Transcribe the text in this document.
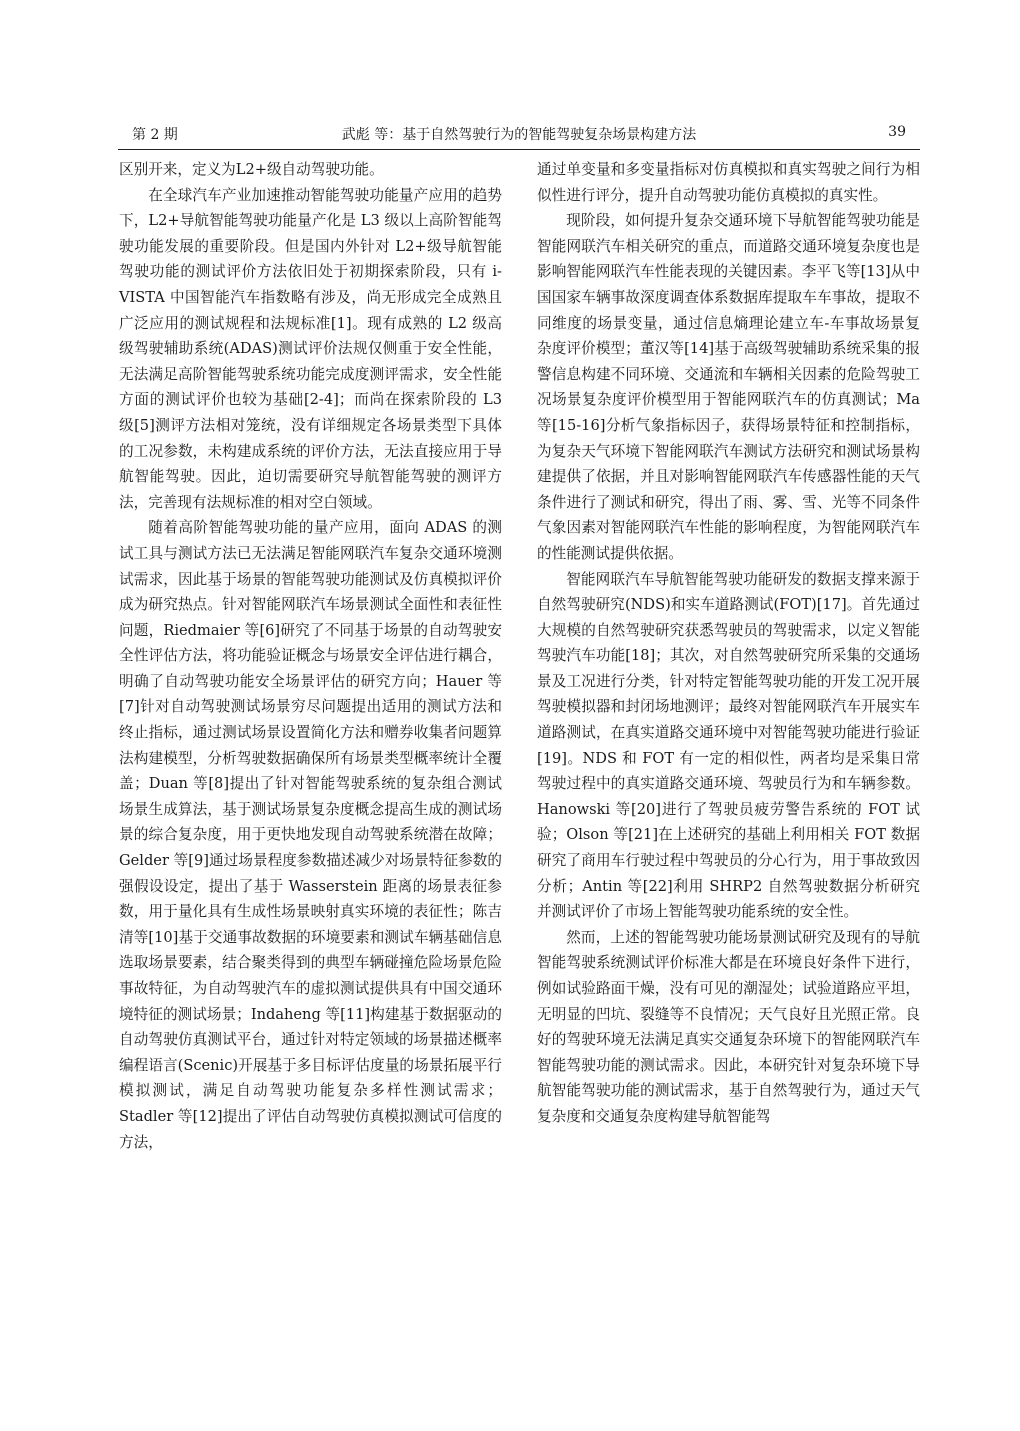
第 2 期	武彪 等：基于自然驾驶行为的智能驾驶复杂场景构建方法	39

区别开来，定义为L2+级自动驾驶功能。

在全球汽车产业加速推动智能驾驶功能量产应用的趋势下，L2+导航智能驾驶功能量产化是 L3 级以上高阶智能驾驶功能发展的重要阶段。但是国内外针对 L2+级导航智能驾驶功能的测试评价方法依旧处于初期探索阶段，只有 i-VISTA 中国智能汽车指数略有涉及，尚无形成完全成熟且广泛应用的测试规程和法规标准[1]。现有成熟的 L2 级高级驾驶辅助系统(ADAS)测试评价法规仅侧重于安全性能，无法满足高阶智能驾驶系统功能完成度测评需求，安全性能方面的测试评价也较为基础[2-4]；而尚在探索阶段的 L3 级[5]测评方法相对笼统，没有详细规定各场景类型下具体的工况参数，未构建成系统的评价方法，无法直接应用于导航智能驾驶。因此，迫切需要研究导航智能驾驶的测评方法，完善现有法规标准的相对空白领域。

随着高阶智能驾驶功能的量产应用，面向 ADAS 的测试工具与测试方法已无法满足智能网联汽车复杂交通环境测试需求，因此基于场景的智能驾驶功能测试及仿真模拟评价成为研究热点。针对智能网联汽车场景测试全面性和表征性问题，Riedmaier 等[6]研究了不同基于场景的自动驾驶安全性评估方法，将功能验证概念与场景安全评估进行耦合，明确了自动驾驶功能安全场景评估的研究方向；Hauer 等[7]针对自动驾驶测试场景穷尽问题提出适用的测试方法和终止指标，通过测试场景设置简化方法和赠券收集者问题算法构建模型，分析驾驶数据确保所有场景类型概率统计全覆盖；Duan 等[8]提出了针对智能驾驶系统的复杂组合测试场景生成算法，基于测试场景复杂度概念提高生成的测试场景的综合复杂度，用于更快地发现自动驾驶系统潜在故障；Gelder 等[9]通过场景程度参数描述减少对场景特征参数的强假设设定，提出了基于 Wasserstein 距离的场景表征参数，用于量化具有生成性场景映射真实环境的表征性；陈吉清等[10]基于交通事故数据的环境要素和测试车辆基础信息选取场景要素，结合聚类得到的典型车辆碰撞危险场景危险事故特征，为自动驾驶汽车的虚拟测试提供具有中国交通环境特征的测试场景；Indaheng 等[11]构建基于数据驱动的自动驾驶仿真测试平台，通过针对特定领域的场景描述概率编程语言(Scenic)开展基于多目标评估度量的场景拓展平行模拟测试，满足自动驾驶功能复杂多样性测试需求；Stadler 等[12]提出了评估自动驾驶仿真模拟测试可信度的方法，

通过单变量和多变量指标对仿真模拟和真实驾驶之间行为相似性进行评分，提升自动驾驶功能仿真模拟的真实性。

现阶段，如何提升复杂交通环境下导航智能驾驶功能是智能网联汽车相关研究的重点，而道路交通环境复杂度也是影响智能网联汽车性能表现的关键因素。李平飞等[13]从中国国家车辆事故深度调查体系数据库提取车车事故，提取不同维度的场景变量，通过信息熵理论建立车-车事故场景复杂度评价模型；董汉等[14]基于高级驾驶辅助系统采集的报警信息构建不同环境、交通流和车辆相关因素的危险驾驶工况场景复杂度评价模型用于智能网联汽车的仿真测试；Ma 等[15-16]分析气象指标因子，获得场景特征和控制指标，为复杂天气环境下智能网联汽车测试方法研究和测试场景构建提供了依据，并且对影响智能网联汽车传感器性能的天气条件进行了测试和研究，得出了雨、雾、雪、光等不同条件气象因素对智能网联汽车性能的影响程度，为智能网联汽车的性能测试提供依据。

智能网联汽车导航智能驾驶功能研发的数据支撑来源于自然驾驶研究(NDS)和实车道路测试(FOT)[17]。首先通过大规模的自然驾驶研究获悉驾驶员的驾驶需求，以定义智能驾驶汽车功能[18]；其次，对自然驾驶研究所采集的交通场景及工况进行分类，针对特定智能驾驶功能的开发工况开展驾驶模拟器和封闭场地测评；最终对智能网联汽车开展实车道路测试，在真实道路交通环境中对智能驾驶功能进行验证[19]。NDS 和 FOT 有一定的相似性，两者均是采集日常驾驶过程中的真实道路交通环境、驾驶员行为和车辆参数。Hanowski 等[20]进行了驾驶员疲劳警告系统的 FOT 试验；Olson 等[21]在上述研究的基础上利用相关 FOT 数据研究了商用车行驶过程中驾驶员的分心行为，用于事故致因分析；Antin 等[22]利用 SHRP2 自然驾驶数据分析研究并测试评价了市场上智能驾驶功能系统的安全性。

然而，上述的智能驾驶功能场景测试研究及现有的导航智能驾驶系统测试评价标准大都是在环境良好条件下进行，例如试验路面干燥，没有可见的潮湿处；试验道路应平坦，无明显的凹坑、裂缝等不良情况；天气良好且光照正常。良好的驾驶环境无法满足真实交通复杂环境下的智能网联汽车智能驾驶功能的测试需求。因此，本研究针对复杂环境下导航智能驾驶功能的测试需求，基于自然驾驶行为，通过天气复杂度和交通复杂度构建导航智能驾
